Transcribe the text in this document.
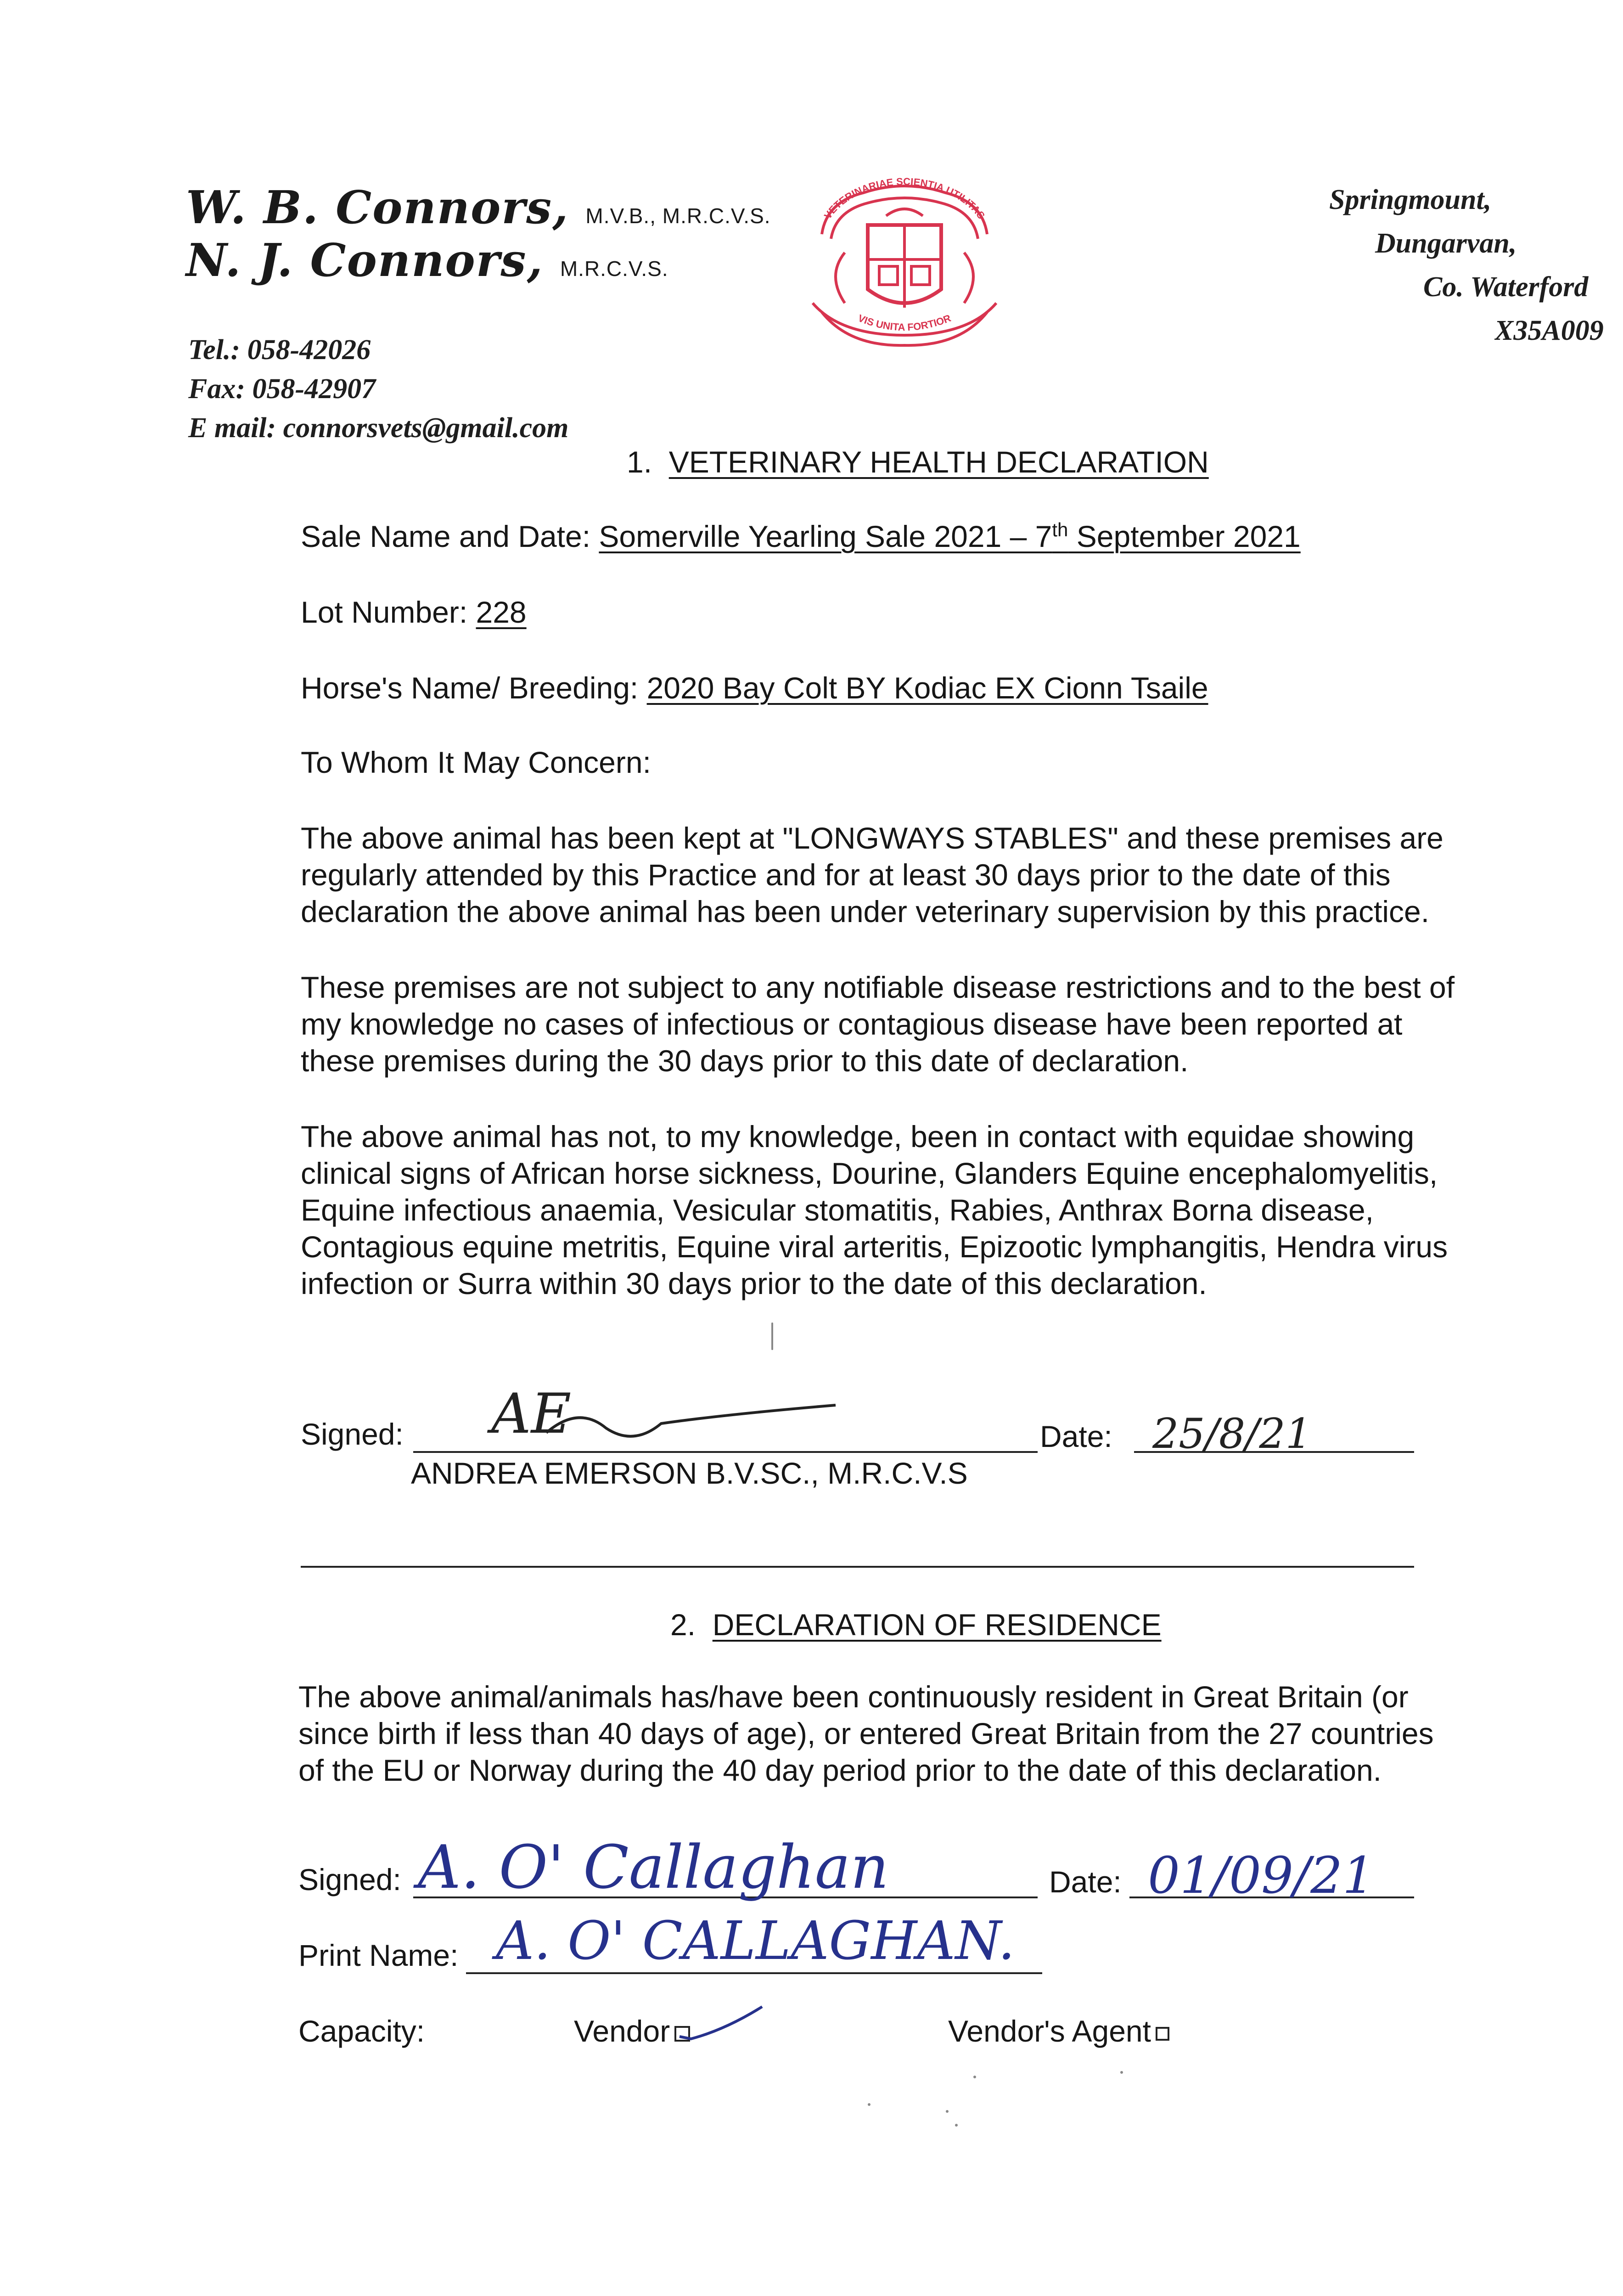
W. B. Connors, M.V.B., M.R.C.V.S.
N. J. Connors, M.R.C.V.S.
Tel.: 058-42026
Fax: 058-42907
E mail: connorsvets@gmail.com
VETERINARIAE SCIENTIA UTILITAS
VIS UNITA FORTIOR
Springmount,
Dungarvan,
Co. Waterford
X35A009
1. VETERINARY HEALTH DECLARATION
Sale Name and Date: Somerville Yearling Sale 2021 – 7th September 2021
Lot Number: 228
Horse's Name/ Breeding: 2020 Bay Colt BY Kodiac EX Cionn Tsaile
To Whom It May Concern:
The above animal has been kept at "LONGWAYS STABLES" and these premises are regularly attended by this Practice and for at least 30 days prior to the date of this declaration the above animal has been under veterinary supervision by this practice.
These premises are not subject to any notifiable disease restrictions and to the best of my knowledge no cases of infectious or contagious disease have been reported at these premises during the 30 days prior to this date of declaration.
The above animal has not, to my knowledge, been in contact with equidae showing clinical signs of African horse sickness, Dourine, Glanders Equine encephalomyelitis, Equine infectious anaemia, Vesicular stomatitis, Rabies, Anthrax Borna disease, Contagious equine metritis, Equine viral arteritis, Epizootic lymphangitis, Hendra virus infection or Surra within 30 days prior to the date of this declaration.
Signed: AE	Date: 25/8/21
ANDREA EMERSON B.V.SC., M.R.C.V.S
2. DECLARATION OF RESIDENCE
The above animal/animals has/have been continuously resident in Great Britain (or since birth if less than 40 days of age), or entered Great Britain from the 27 countries of the EU or Norway during the 40 day period prior to the date of this declaration.
Signed: A. O' Callaghan	Date: 01/09/21
Print Name: A. O' CALLAGHAN.
Capacity:	Vendor	Vendor's Agent
